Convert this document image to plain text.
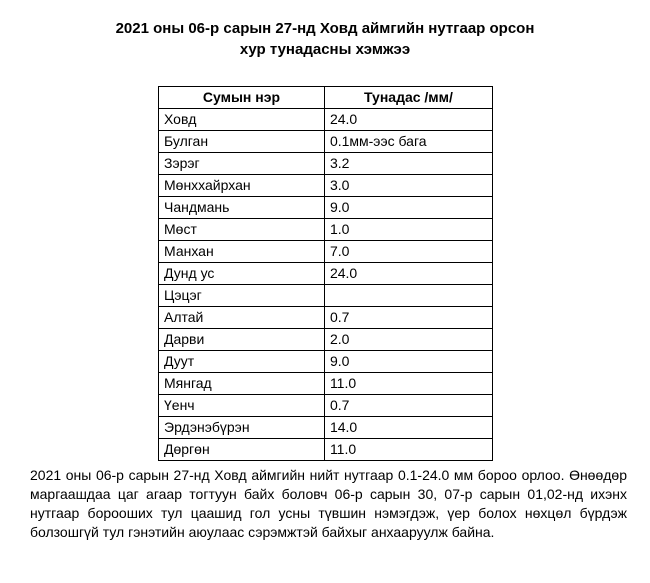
2021 оны 06-р сарын 27-нд Ховд аймгийн нутгаар орсон
хур тунадасны хэмжээ
Сумын нэр	Тунадас /мм/
Ховд	24.0
Булган	0.1мм-ээс бага
Зэрэг	3.2
Мөнххайрхан	3.0
Чандмань	9.0
Мөст	1.0
Манхан	7.0
Дунд ус	24.0
Цэцэг	
Алтай	0.7
Дарви	2.0
Дуут	9.0
Мянгад	11.0
Үенч	0.7
Эрдэнэбүрэн	14.0
Дөргөн	11.0
2021 оны 06-р сарын 27-нд Ховд аймгийн нийт нутгаар 0.1-24.0 мм бороо орлоо. Өнөөдөр маргаашдаа цаг агаар тогтуун байх боловч 06-р сарын 30, 07-р сарын 01,02-нд ихэнх нутгаар бороошиx тул цаашид гол усны түвшин нэмэгдэж, үер болох нөхцөл бүрдэж болзошгүй тул гэнэтийн аюулаас сэрэмжтэй байхыг анхааруулж байна.
